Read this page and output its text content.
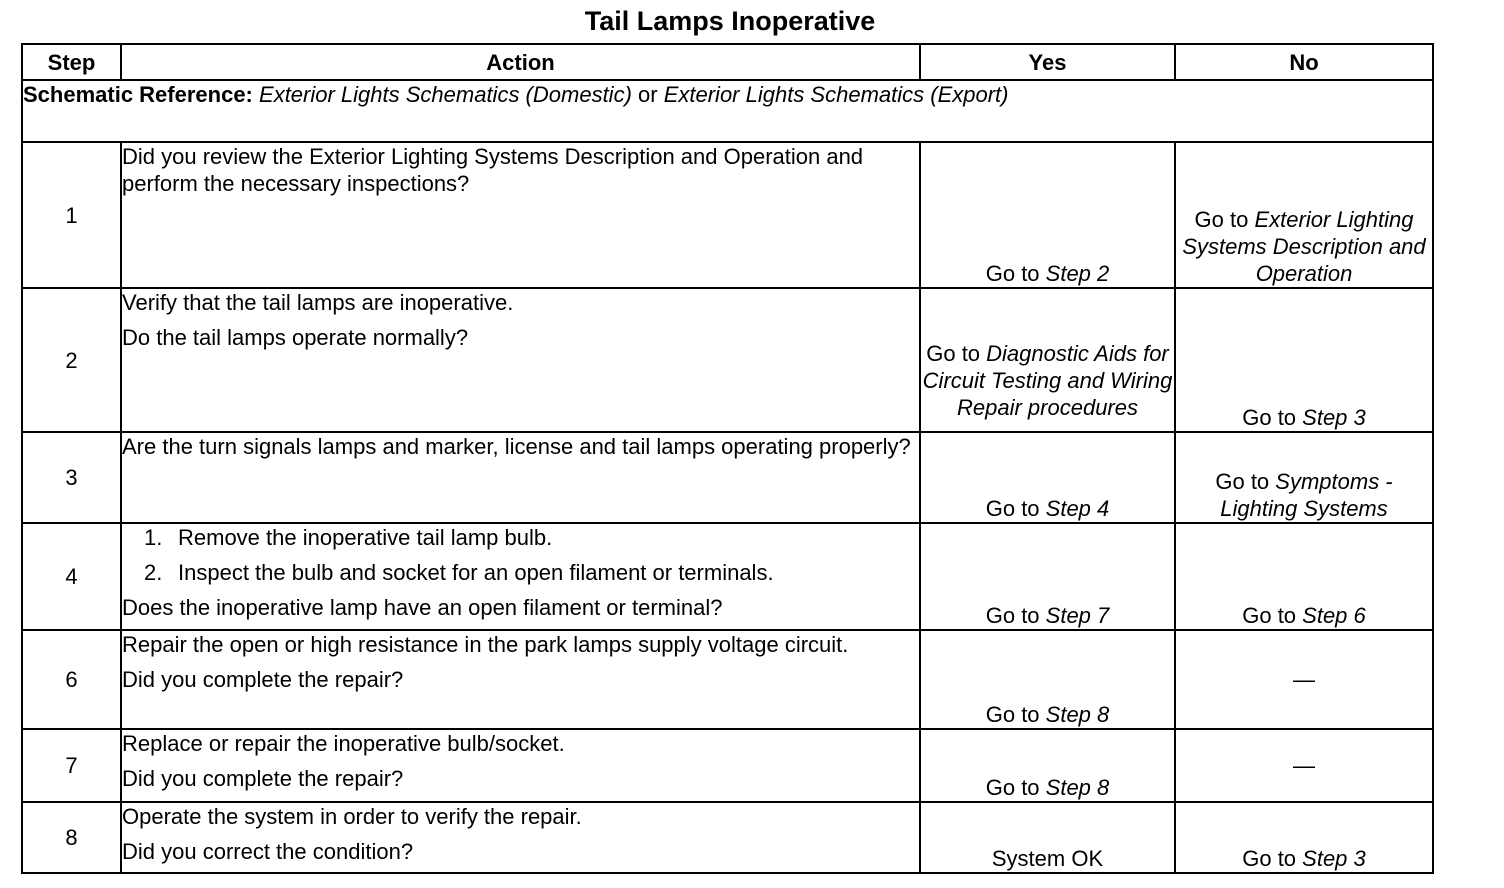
Tail Lamps Inoperative
Step	Action	Yes	No
Schematic Reference: Exterior Lights Schematics (Domestic) or Exterior Lights Schematics (Export)			
1	Did you review the Exterior Lighting Systems Description and Operation and perform the necessary inspections?	Go to Step 2	Go to Exterior Lighting Systems Description and Operation
2	Verify that the tail lamps are inoperative.

Do the tail lamps operate normally?	Go to Diagnostic Aids for Circuit Testing and Wiring Repair procedures	Go to Step 3
3	Are the turn signals lamps and marker, license and tail lamps operating properly?	Go to Step 4	Go to Symptoms - Lighting Systems
4	1. Remove the inoperative tail lamp bulb.
2. Inspect the bulb and socket for an open filament or terminals.

Does the inoperative lamp have an open filament or terminal?	Go to Step 7	Go to Step 6
6	Repair the open or high resistance in the park lamps supply voltage circuit.

Did you complete the repair?	Go to Step 8	—
7	Replace or repair the inoperative bulb/socket.

Did you complete the repair?	Go to Step 8	—
8	Operate the system in order to verify the repair.

Did you correct the condition?	System OK	Go to Step 3
